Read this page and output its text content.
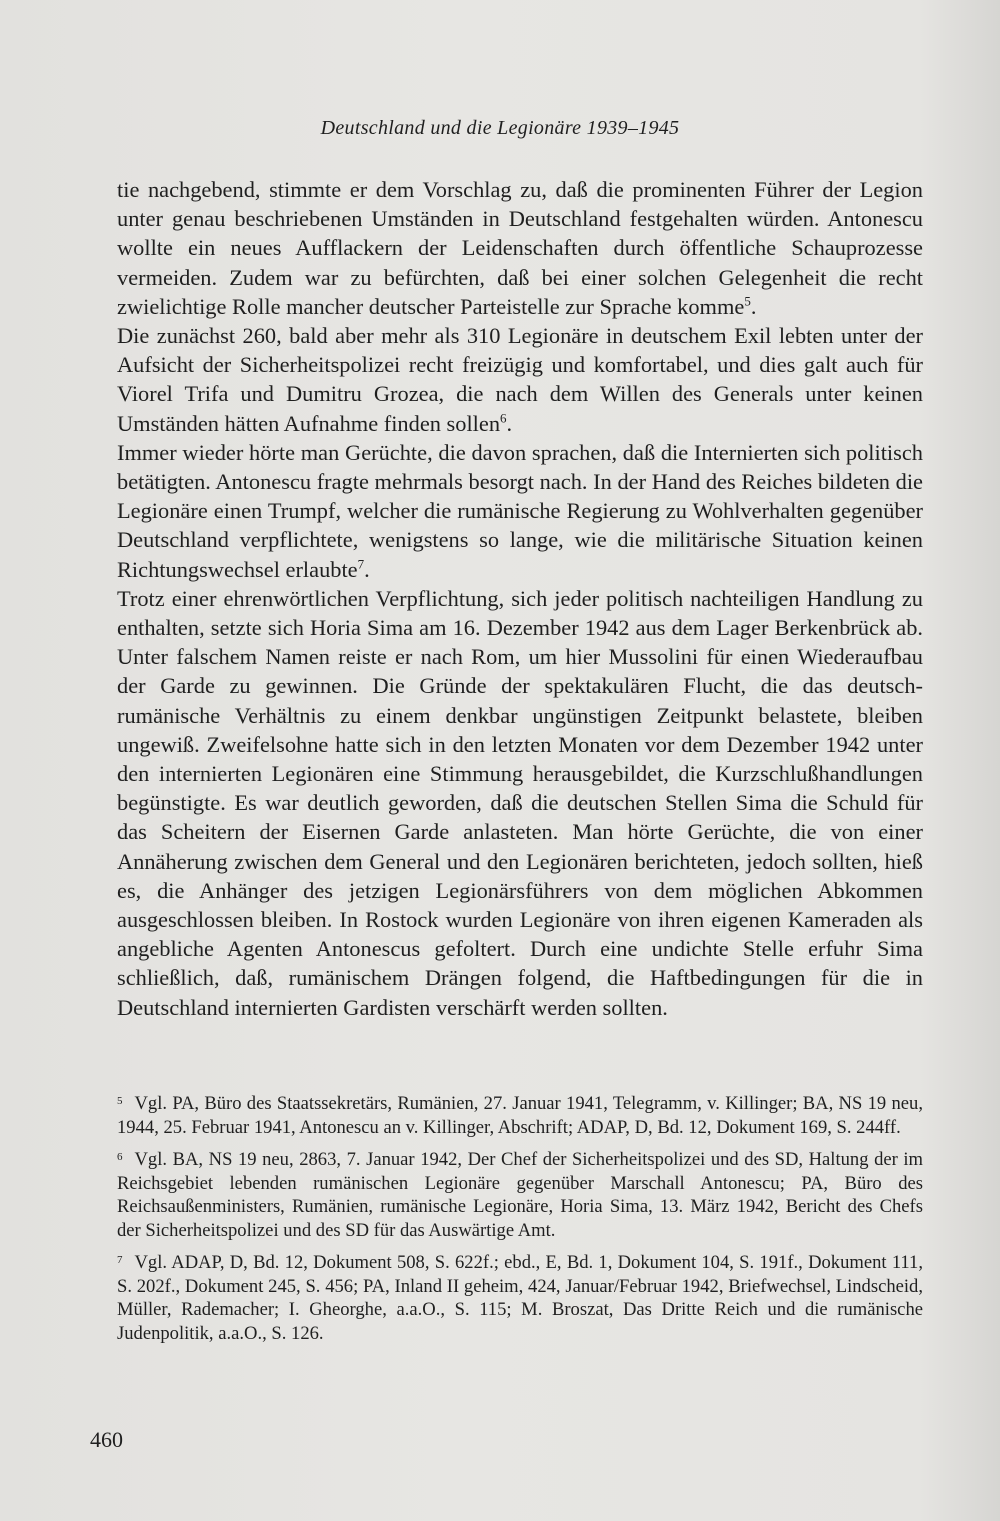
Deutschland und die Legionäre 1939–1945

tie nachgebend, stimmte er dem Vorschlag zu, daß die prominenten Führer der Legion unter genau beschriebenen Umständen in Deutschland festgehalten würden. Antonescu wollte ein neues Aufflackern der Leidenschaften durch öffentliche Schauprozesse vermeiden. Zudem war zu befürchten, daß bei einer solchen Gelegenheit die recht zwielichtige Rolle mancher deutscher Parteistelle zur Sprache komme$^5$.

Die zunächst 260, bald aber mehr als 310 Legionäre in deutschem Exil lebten unter der Aufsicht der Sicherheitspolizei recht freizügig und komfortabel, und dies galt auch für Viorel Trifa und Dumitru Grozea, die nach dem Willen des Generals unter keinen Umständen hätten Aufnahme finden sollen$^6$.

Immer wieder hörte man Gerüchte, die davon sprachen, daß die Internierten sich politisch betätigten. Antonescu fragte mehrmals besorgt nach. In der Hand des Reiches bildeten die Legionäre einen Trumpf, welcher die rumänische Regierung zu Wohlverhalten gegenüber Deutschland verpflichtete, wenigstens so lange, wie die militärische Situation keinen Richtungswechsel erlaubte$^7$.

Trotz einer ehrenwörtlichen Verpflichtung, sich jeder politisch nachteiligen Handlung zu enthalten, setzte sich Horia Sima am 16. Dezember 1942 aus dem Lager Berkenbrück ab. Unter falschem Namen reiste er nach Rom, um hier Mussolini für einen Wiederaufbau der Garde zu gewinnen. Die Gründe der spektakulären Flucht, die das deutsch-rumänische Verhältnis zu einem denkbar ungünstigen Zeitpunkt belastete, bleiben ungewiß. Zweifelsohne hatte sich in den letzten Monaten vor dem Dezember 1942 unter den internierten Legionären eine Stimmung herausgebildet, die Kurzschlußhandlungen begünstigte. Es war deutlich geworden, daß die deutschen Stellen Sima die Schuld für das Scheitern der Eisernen Garde anlasteten. Man hörte Gerüchte, die von einer Annäherung zwischen dem General und den Legionären berichteten, jedoch sollten, hieß es, die Anhänger des jetzigen Legionärsführers von dem möglichen Abkommen ausgeschlossen bleiben. In Rostock wurden Legionäre von ihren eigenen Kameraden als angebliche Agenten Antonescus gefoltert. Durch eine undichte Stelle erfuhr Sima schließlich, daß, rumänischem Drängen folgend, die Haftbedingungen für die in Deutschland internierten Gardisten verschärft werden sollten.

$^5$ Vgl. PA, Büro des Staatssekretärs, Rumänien, 27. Januar 1941, Telegramm, v. Killinger; BA, NS 19 neu, 1944, 25. Februar 1941, Antonescu an v. Killinger, Abschrift; ADAP, D, Bd. 12, Dokument 169, S. 244ff.

$^6$ Vgl. BA, NS 19 neu, 2863, 7. Januar 1942, Der Chef der Sicherheitspolizei und des SD, Haltung der im Reichsgebiet lebenden rumänischen Legionäre gegenüber Marschall Antonescu; PA, Büro des Reichsaußenministers, Rumänien, rumänische Legionäre, Horia Sima, 13. März 1942, Bericht des Chefs der Sicherheitspolizei und des SD für das Auswärtige Amt.

$^7$ Vgl. ADAP, D, Bd. 12, Dokument 508, S. 622f.; ebd., E, Bd. 1, Dokument 104, S. 191f., Dokument 111, S. 202f., Dokument 245, S. 456; PA, Inland II geheim, 424, Januar/Februar 1942, Briefwechsel, Lindscheid, Müller, Rademacher; I. Gheorghe, a.a.O., S. 115; M. Broszat, Das Dritte Reich und die rumänische Judenpolitik, a.a.O., S. 126.

460
